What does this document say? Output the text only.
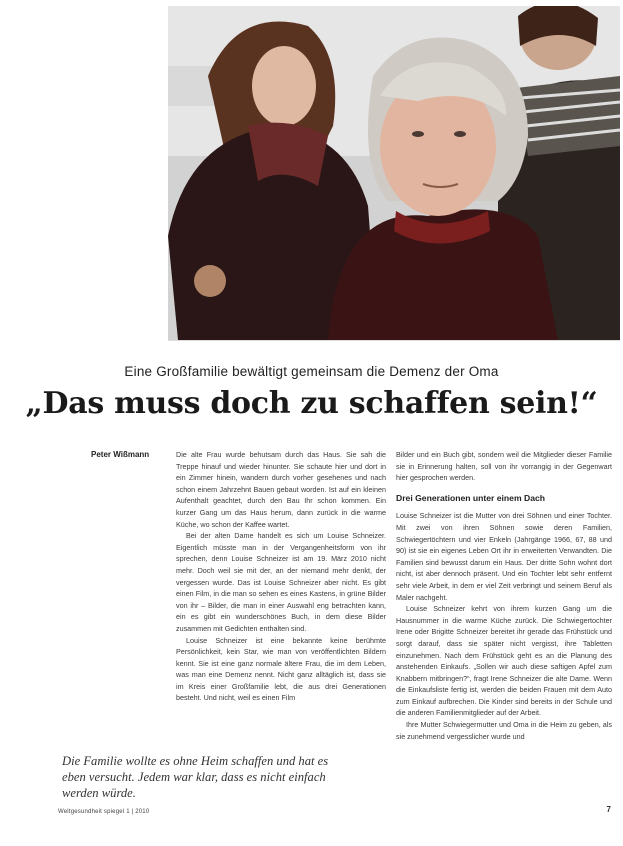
Eine Großfamilie bewältigt gemeinsam die Demenz der Oma
„Das muss doch zu schaffen sein!“
Peter Wißmann	Die alte Frau wurde behutsam durch das Haus. Sie sah die Treppe hinauf und wieder hinunter. Sie schaute hier und dort in ein Zimmer hinein, wandern durch vorher gesehenes und nach schon einem Jahrzehnt Bauen gebaut worden. Ist auf ein kleinen Aufenthalt geachtet, durch den Bau Ihr schon kommen. Ein kurzer Gang um das Haus herum, dann zurück in die warme Küche, wo schon der Kaffee wartet.

Bei der alten Dame handelt es sich um Louise Schneizer. Eigentlich müsste man in der Vergangenheitsform von ihr sprechen, denn Louise Schneizer ist am 19. März 2010 nicht mehr. Doch weil sie mit der, an der niemand mehr denkt, der vergessen wurde. Das ist Louise Schneizer aber nicht. Es gibt einen Film, in die man so sehen es eines Kastens, in grüne Bilder von ihr – Bilder, die man in einer Auswahl eng betrachten kann, ein es gibt ein wunderschönes Buch, in dem diese Bilder zusammen mit Gedichten enthalten sind.

Louise Schneizer ist eine bekannte keine berühmte Persönlichkeit, kein Star, wie man von veröffentlichten Bildern kennt. Sie ist eine ganz normale ältere Frau, die im dem Leben, was man eine Demenz nennt. Nicht ganz alltäglich ist, dass sie im Kreis einer Großfamilie lebt, die aus drei Generationen besteht. Und nicht, weil es einen Film

Bilder und ein Buch gibt, sondern weil die Mitglieder dieser Familie sie in Erinnerung halten, soll von ihr vorrangig in der Gegenwart hier gesprochen werden.

Drei Generationen unter einem Dach

Louise Schneizer ist die Mutter von drei Söhnen und einer Tochter. Mit zwei von ihren Söhnen sowie deren Familien, Schwiegertöchtern und vier Enkeln (Jahrgänge 1966, 67, 88 und 90) ist sie ein eigenes Leben Ort ihr in erweiterten Verwandten. Die Familien sind bewusst darum ein Haus. Der dritte Sohn wohnt dort nicht, ist aber dennoch präsent. Und ein Tochter lebt sehr entfernt sehr viele Arbeit, in dem er viel Zeit verbringt und seinem Beruf als Maler nachgeht.

Louise Schneizer kehrt von ihrem kurzen Gang um die Hausnummer in die warme Küche zurück. Die Schwiegertochter Irene oder Brigitte Schneizer bereitet ihr gerade das Frühstück und sorgt darauf, dass sie später nicht vergisst, ihre Tabletten einzunehmen. Nach dem Frühstück geht es an die Planung des anstehenden Einkaufs. „Sollen wir auch diese saftigen Apfel zum Knabbern mitbringen?“, fragt Irene Schneizer die alte Dame. Wenn die Einkaufsliste fertig ist, werden die beiden Frauen mit dem Auto zum Einkauf aufbrechen. Die Kinder sind bereits in der Schule und die anderen Familienmitglieder auf der Arbeit.

Ihre Mutter Schwiegermutter und Oma in die Heim zu geben, als sie zunehmend vergesslicher wurde und

Die Familie wollte es ohne Heim schaffen und hat es eben versucht. Jedem war klar, dass es nicht einfach werden würde.
Weltgesundheit spiegel 1 | 2010	7
